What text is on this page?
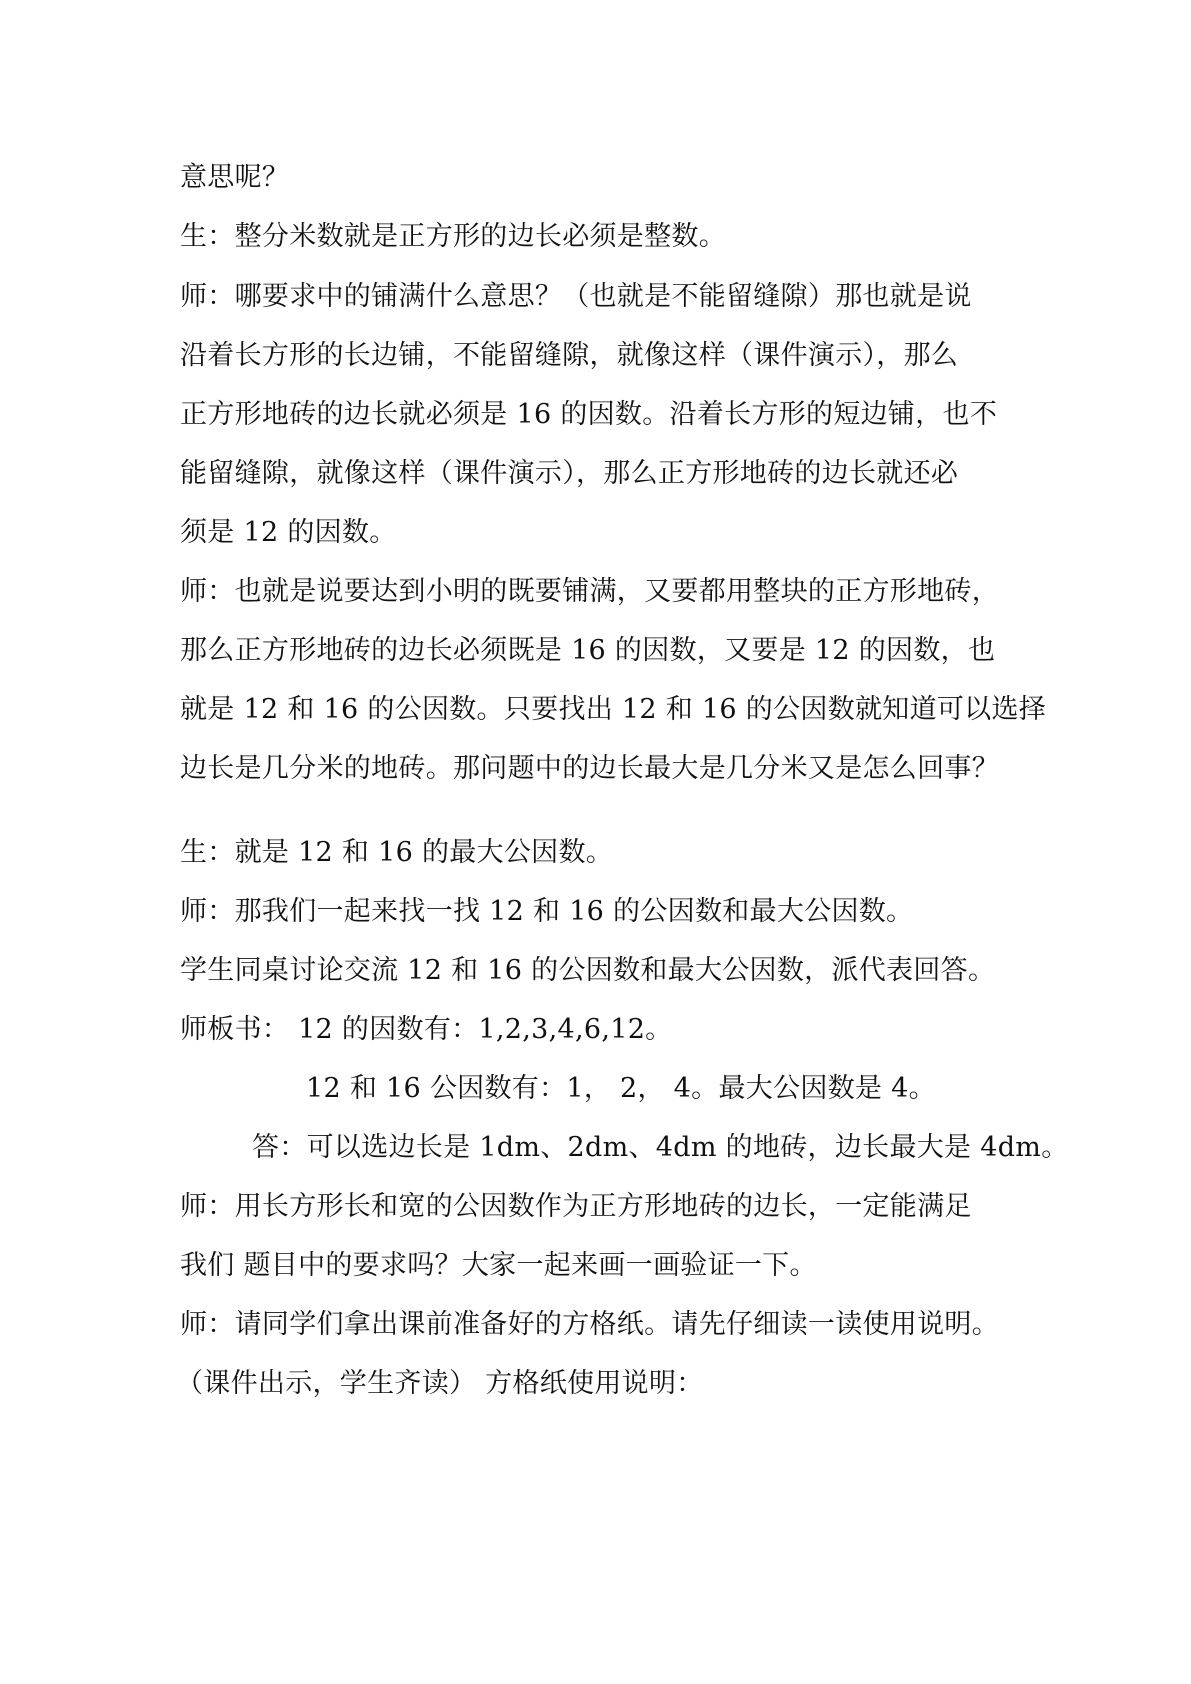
意思呢？
生：整分米数就是正方形的边长必须是整数。
师：哪要求中的铺满什么意思？（也就是不能留缝隙）那也就是说
沿着长方形的长边铺，不能留缝隙，就像这样（课件演示），那么
正方形地砖的边长就必须是 16 的因数。沿着长方形的短边铺，也不
能留缝隙，就像这样（课件演示），那么正方形地砖的边长就还必
须是 12 的因数。
师：也就是说要达到小明的既要铺满，又要都用整块的正方形地砖，
那么正方形地砖的边长必须既是 16 的因数，又要是 12 的因数，也
就是 12 和 16 的公因数。只要找出 12 和 16 的公因数就知道可以选择
边长是几分米的地砖。那问题中的边长最大是几分米又是怎么回事？
生：就是 12 和 16 的最大公因数。
师：那我们一起来找一找 12 和 16 的公因数和最大公因数。
学生同桌讨论交流 12 和 16 的公因数和最大公因数，派代表回答。
师板书： 12 的因数有：1,2,3,4,6,12。
12 和 16 公因数有：1， 2， 4。最大公因数是 4。
答：可以选边长是 1dm、2dm、4dm 的地砖，边长最大是 4dm。
师：用长方形长和宽的公因数作为正方形地砖的边长，一定能满足
我们 题目中的要求吗？大家一起来画一画验证一下。
师：请同学们拿出课前准备好的方格纸。请先仔细读一读使用说明。
（课件出示，学生齐读） 方格纸使用说明：
